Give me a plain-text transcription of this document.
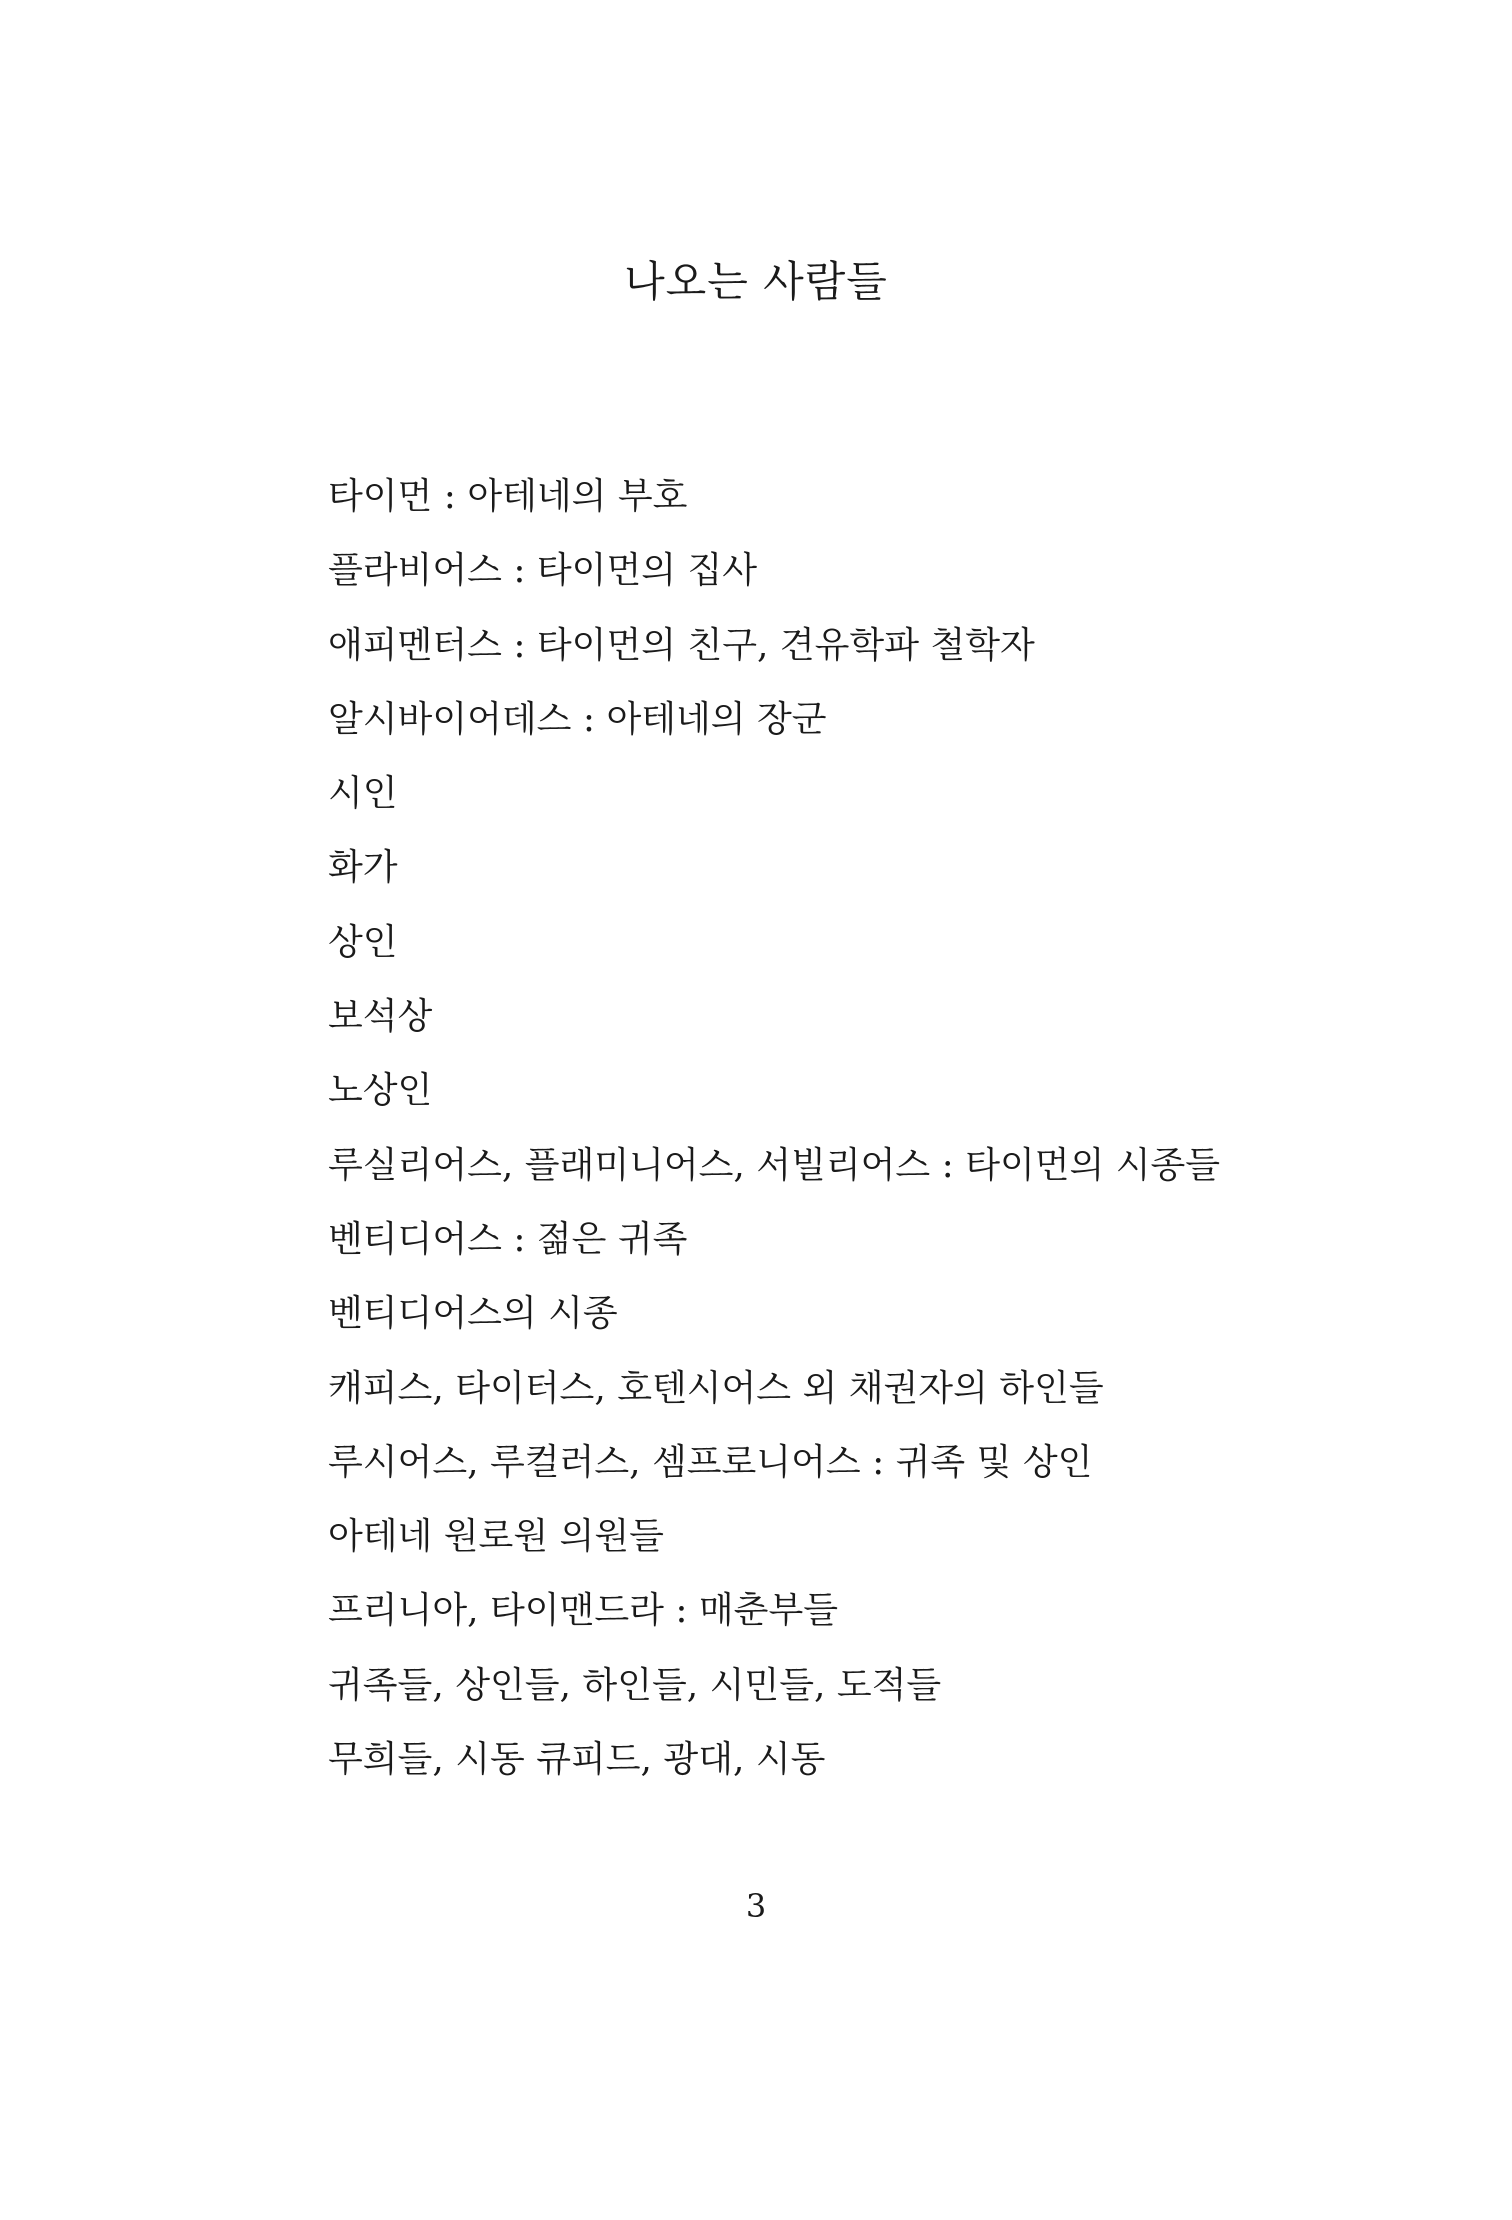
나오는 사람들
타이먼 : 아테네의 부호
플라비어스 : 타이먼의 집사
애피멘터스 : 타이먼의 친구, 견유학파 철학자
알시바이어데스 : 아테네의 장군
시인
화가
상인
보석상
노상인
루실리어스, 플래미니어스, 서빌리어스 : 타이먼의 시종들
벤티디어스 : 젊은 귀족
벤티디어스의 시종
캐피스, 타이터스, 호텐시어스 외 채권자의 하인들
루시어스, 루컬러스, 셈프로니어스 : 귀족 및 상인
아테네 원로원 의원들
프리니아, 타이맨드라 : 매춘부들
귀족들, 상인들, 하인들, 시민들, 도적들
무희들, 시동 큐피드, 광대, 시동
3
